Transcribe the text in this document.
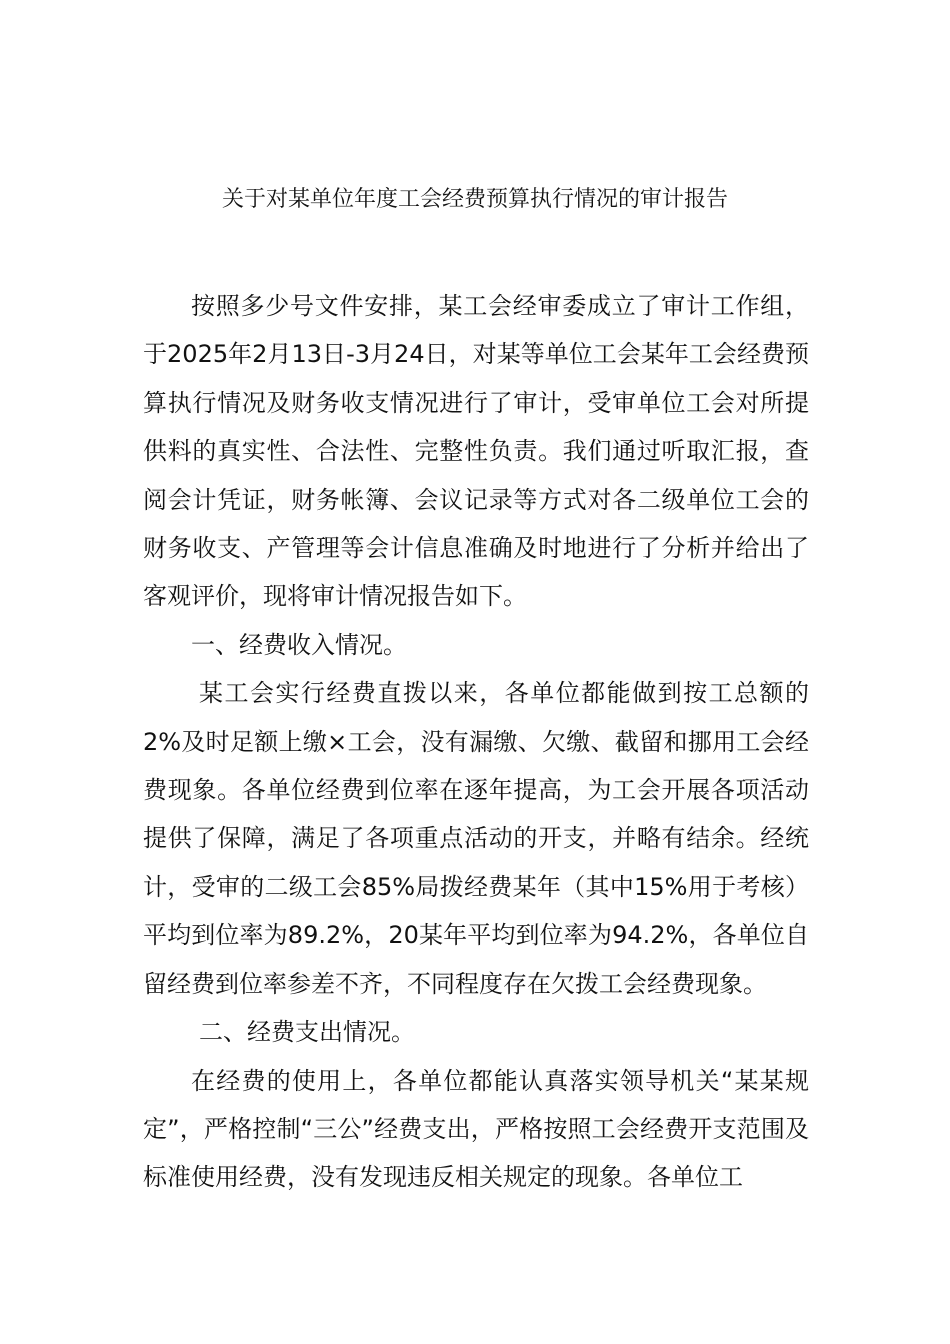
关于对某单位年度工会经费预算执行情况的审计报告

按照多少号文件安排，某工会经审委成立了审计工作组，于2025年2月13日-3月24日，对某等单位工会某年工会经费预算执行情况及财务收支情况进行了审计，受审单位工会对所提供料的真实性、合法性、完整性负责。我们通过听取汇报，查阅会计凭证，财务帐簿、会议记录等方式对各二级单位工会的财务收支、产管理等会计信息准确及时地进行了分析并给出了客观评价，现将审计情况报告如下。

一、经费收入情况。

某工会实行经费直拨以来，各单位都能做到按工总额的2%及时足额上缴×工会，没有漏缴、欠缴、截留和挪用工会经费现象。各单位经费到位率在逐年提高，为工会开展各项活动提供了保障，满足了各项重点活动的开支，并略有结余。经统计，受审的二级工会85%局拨经费某年（其中15%用于考核）平均到位率为89.2%，20某年平均到位率为94.2%，各单位自留经费到位率参差不齐，不同程度存在欠拨工会经费现象。

二、经费支出情况。

在经费的使用上，各单位都能认真落实领导机关“某某规定”，严格控制“三公”经费支出，严格按照工会经费开支范围及标准使用经费，没有发现违反相关规定的现象。各单位工
